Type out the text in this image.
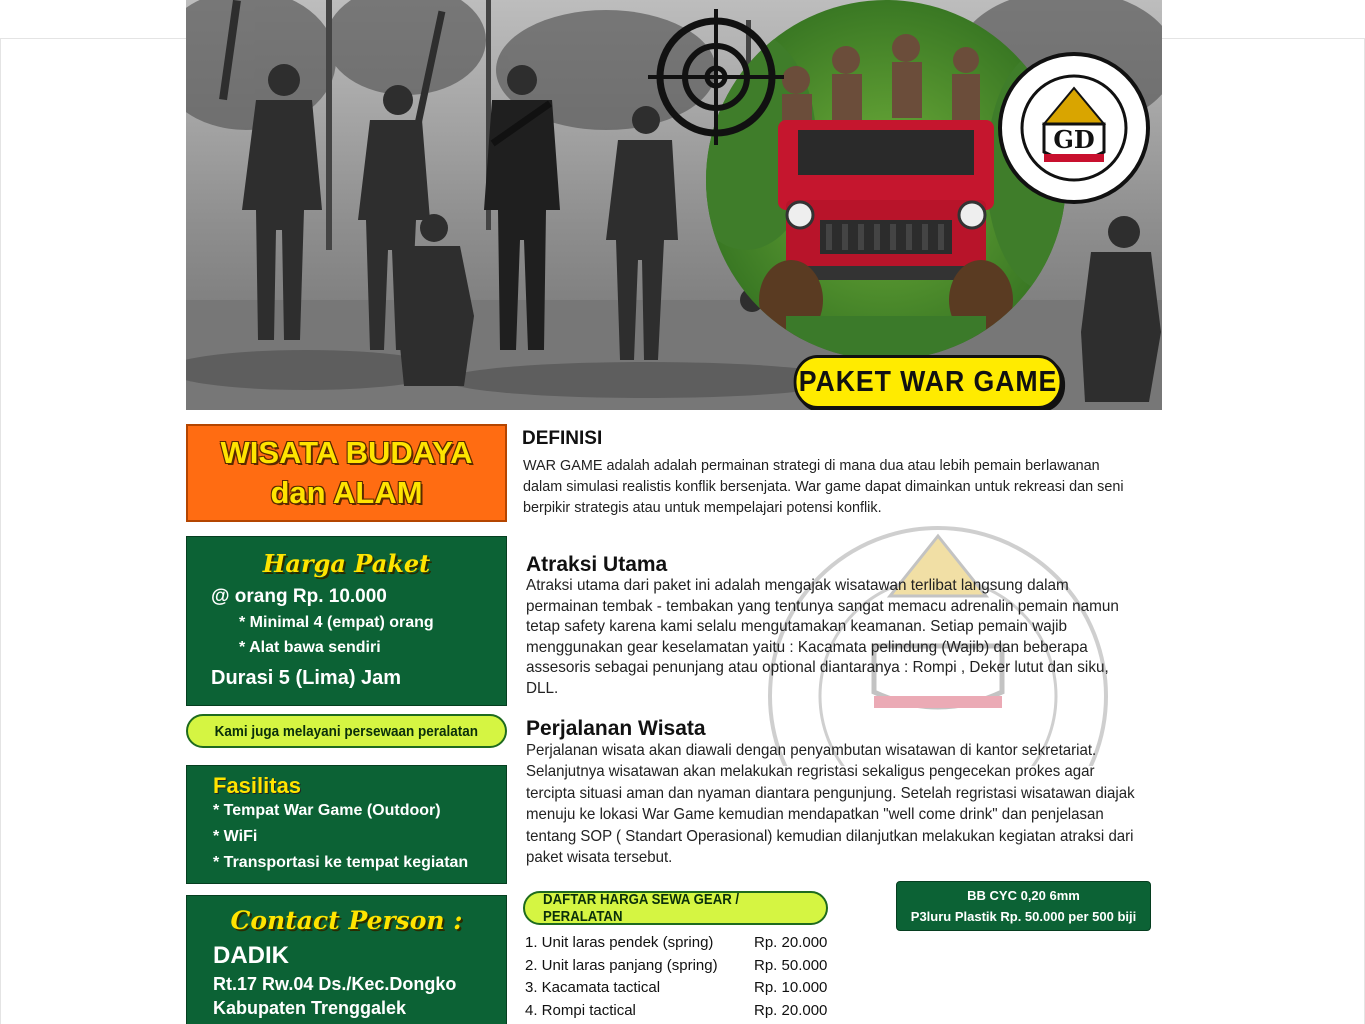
GD
PAKET WAR GAME
WISATA BUDAYA
dan ALAM
Harga Paket
@ orang Rp. 10.000
* Minimal 4 (empat) orang
* Alat bawa sendiri
Durasi 5 (Lima) Jam
Kami juga melayani persewaan peralatan
Fasilitas
* Tempat War Game (Outdoor)
* WiFi
* Transportasi ke tempat kegiatan
Contact Person :
DADIK
Rt.17 Rw.04 Ds./Kec.Dongko
Kabupaten Trenggalek
DEFINISI
WAR GAME adalah adalah permainan strategi di mana dua atau lebih pemain berlawanan dalam simulasi realistis konflik bersenjata. War game dapat dimainkan untuk rekreasi dan seni berpikir strategis atau untuk mempelajari potensi konflik.
Atraksi Utama
Atraksi utama dari paket ini adalah mengajak wisatawan terlibat langsung dalam permainan tembak - tembakan yang tentunya sangat memacu adrenalin pemain namun tetap safety karena kami selalu mengutamakan keamanan. Setiap pemain wajib menggunakan gear keselamatan yaitu : Kacamata pelindung (Wajib) dan beberapa assesoris sebagai penunjang atau optional diantaranya : Rompi , Deker lutut dan siku, DLL.
Perjalanan Wisata
Perjalanan wisata akan diawali dengan penyambutan wisatawan di kantor sekretariat. Selanjutnya wisatawan akan melakukan regristasi sekaligus pengecekan prokes agar tercipta situasi aman dan nyaman diantara pengunjung. Setelah regristasi wisatawan diajak menuju ke lokasi War Game kemudian mendapatkan "well come drink" dan penjelasan tentang SOP ( Standart Operasional) kemudian dilanjutkan melakukan kegiatan atraksi dari paket wisata tersebut.
DAFTAR HARGA SEWA GEAR / PERALATAN
1. Unit laras pendek (spring)	Rp. 20.000
2. Unit laras panjang (spring) Rp. 50.000
3. Kacamata tactical	Rp. 10.000
4. Rompi tactical	Rp. 20.000
BB CYC 0,20 6mm
P3luru Plastik Rp. 50.000 per 500 biji
